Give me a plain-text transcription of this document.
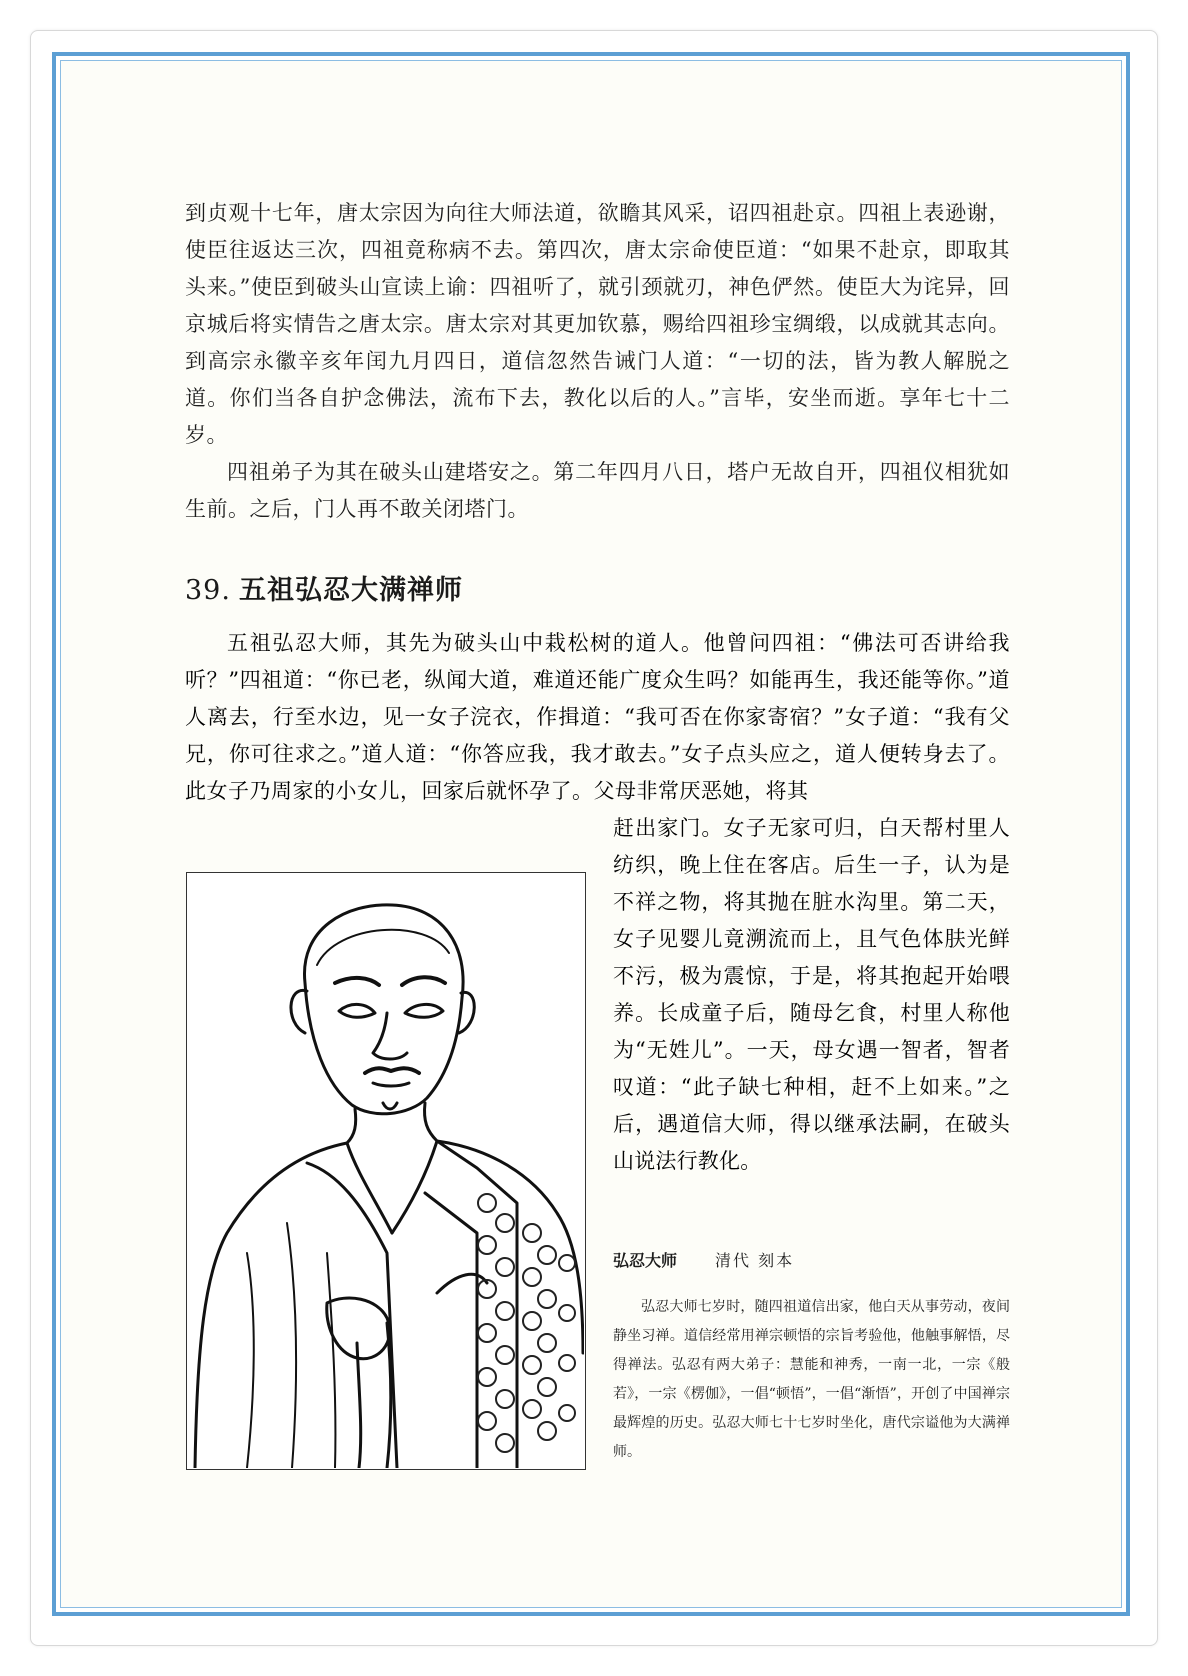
到贞观十七年，唐太宗因为向往大师法道，欲瞻其风采，诏四祖赴京。四祖上表逊谢，使臣往返达三次，四祖竟称病不去。第四次，唐太宗命使臣道：“如果不赴京，即取其头来。”使臣到破头山宣读上谕：四祖听了，就引颈就刃，神色俨然。使臣大为诧异，回京城后将实情告之唐太宗。唐太宗对其更加钦慕，赐给四祖珍宝绸缎，以成就其志向。到高宗永徽辛亥年闰九月四日，道信忽然告诫门人道：“一切的法，皆为教人解脱之道。你们当各自护念佛法，流布下去，教化以后的人。”言毕，安坐而逝。享年七十二岁。

四祖弟子为其在破头山建塔安之。第二年四月八日，塔户无故自开，四祖仪相犹如生前。之后，门人再不敢关闭塔门。

39. 五祖弘忍大满禅师

五祖弘忍大师，其先为破头山中栽松树的道人。他曾问四祖：“佛法可否讲给我听？”四祖道：“你已老，纵闻大道，难道还能广度众生吗？如能再生，我还能等你。”道人离去，行至水边，见一女子浣衣，作揖道：“我可否在你家寄宿？”女子道：“我有父兄，你可往求之。”道人道：“你答应我，我才敢去。”女子点头应之，道人便转身去了。此女子乃周家的小女儿，回家后就怀孕了。父母非常厌恶她，将其

赶出家门。女子无家可归，白天帮村里人纺织，晚上住在客店。后生一子，认为是不祥之物，将其抛在脏水沟里。第二天，女子见婴儿竟溯流而上，且气色体肤光鲜不污，极为震惊，于是，将其抱起开始喂养。长成童子后，随母乞食，村里人称他为“无姓儿”。一天，母女遇一智者，智者叹道：“此子缺七种相，赶不上如来。”之后，遇道信大师，得以继承法嗣，在破头山说法行教化。

弘忍大师 清代 刻本

弘忍大师七岁时，随四祖道信出家，他白天从事劳动，夜间静坐习禅。道信经常用禅宗顿悟的宗旨考验他，他触事解悟，尽得禅法。弘忍有两大弟子：慧能和神秀，一南一北，一宗《般若》，一宗《楞伽》，一倡“顿悟”，一倡“渐悟”，开创了中国禅宗最辉煌的历史。弘忍大师七十七岁时坐化，唐代宗谥他为大满禅师。
